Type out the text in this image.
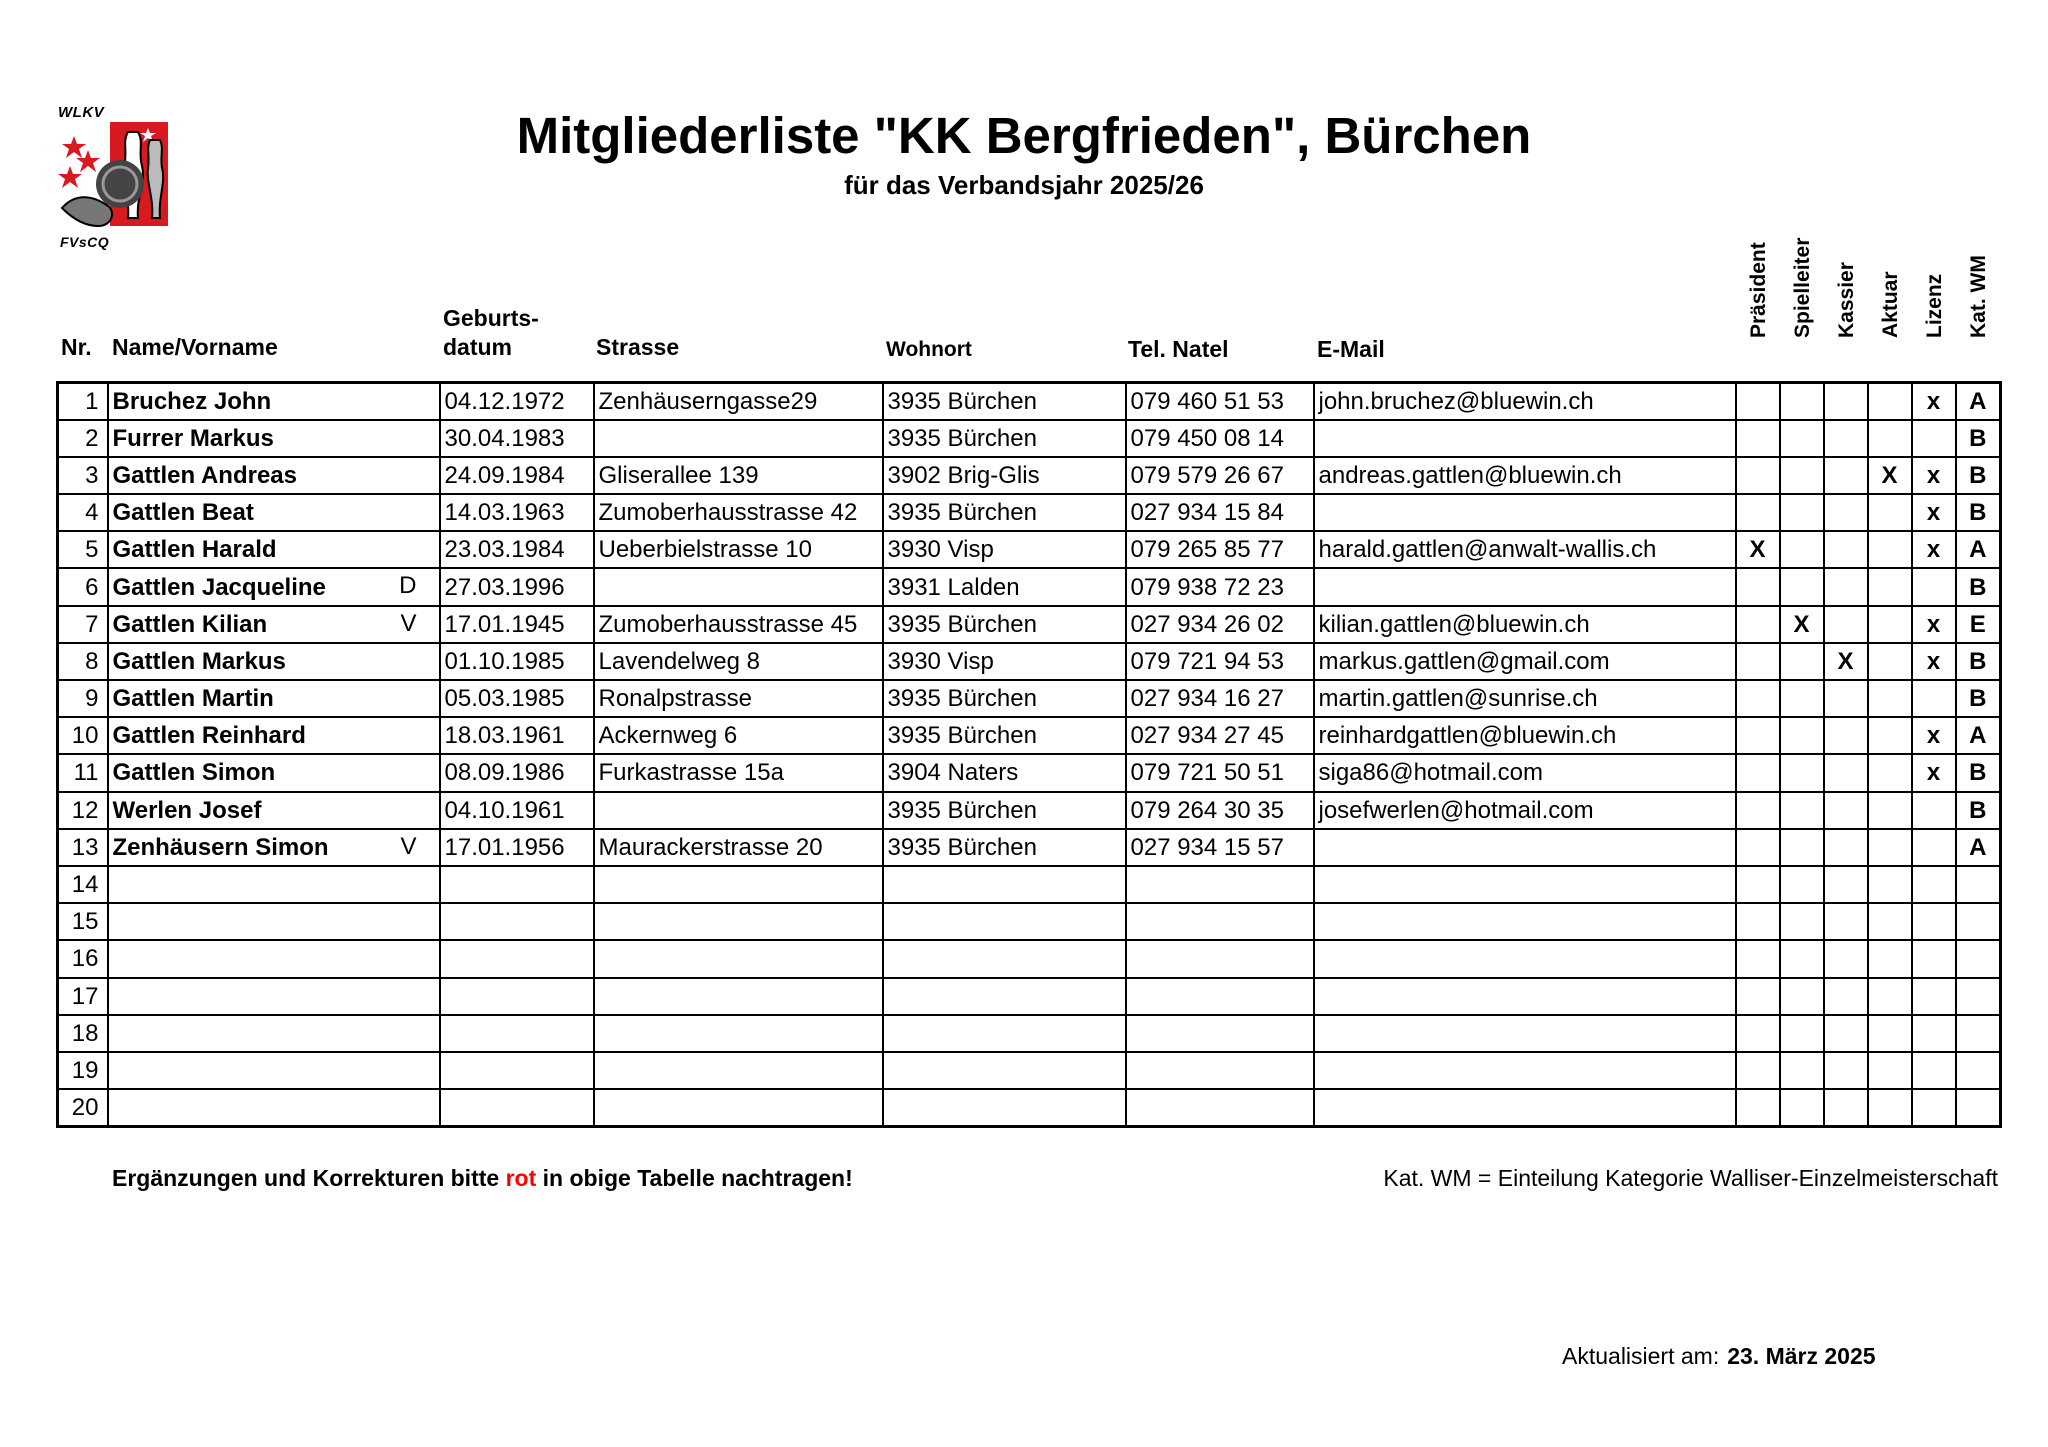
WLKV
FVsCQ
Mitgliederliste "KK Bergfrieden", Bürchen
für das Verbandsjahr 2025/26
Nr. Name/Vorname
Geburts-
datum	Strasse	Wohnort	Tel. Natel	E-Mail
Präsident Spielleiter Kassier Aktuar Lizenz Kat. WM
1	Bruchez John	04.12.1972	Zenhäuserngasse29	3935 Bürchen	079 460 51 53	john.bruchez@bluewin.ch					x	A
2	Furrer Markus	30.04.1983		3935 Bürchen	079 450 08 14							B
3	Gattlen Andreas	24.09.1984	Gliserallee 139	3902 Brig-Glis	079 579 26 67	andreas.gattlen@bluewin.ch				X	x	B
4	Gattlen Beat	14.03.1963	Zumoberhausstrasse 42	3935 Bürchen	027 934 15 84						x	B
5	Gattlen Harald	23.03.1984	Ueberbielstrasse 10	3930 Visp	079 265 85 77	harald.gattlen@anwalt-wallis.ch	X				x	A
6	Gattlen Jacqueline D	27.03.1996		3931 Lalden	079 938 72 23							B
7	Gattlen Kilian V	17.01.1945	Zumoberhausstrasse 45	3935 Bürchen	027 934 26 02	kilian.gattlen@bluewin.ch		X			x	E
8	Gattlen Markus	01.10.1985	Lavendelweg 8	3930 Visp	079 721 94 53	markus.gattlen@gmail.com			X		x	B
9	Gattlen Martin	05.03.1985	Ronalpstrasse	3935 Bürchen	027 934 16 27	martin.gattlen@sunrise.ch						B
10	Gattlen Reinhard	18.03.1961	Ackernweg 6	3935 Bürchen	027 934 27 45	reinhardgattlen@bluewin.ch					x	A
11	Gattlen Simon	08.09.1986	Furkastrasse 15a	3904 Naters	079 721 50 51	siga86@hotmail.com					x	B
12	Werlen Josef	04.10.1961		3935 Bürchen	079 264 30 35	josefwerlen@hotmail.com						B
13	Zenhäusern Simon V	17.01.1956	Maurackerstrasse 20	3935 Bürchen	027 934 15 57							A
14	

15	

16	

17	

18	

19	

20	

Ergänzungen und Korrekturen bitte rot in obige Tabelle nachtragen!	Kat. WM = Einteilung Kategorie Walliser-Einzelmeisterschaft
Aktualisiert am: 23. März 2025
